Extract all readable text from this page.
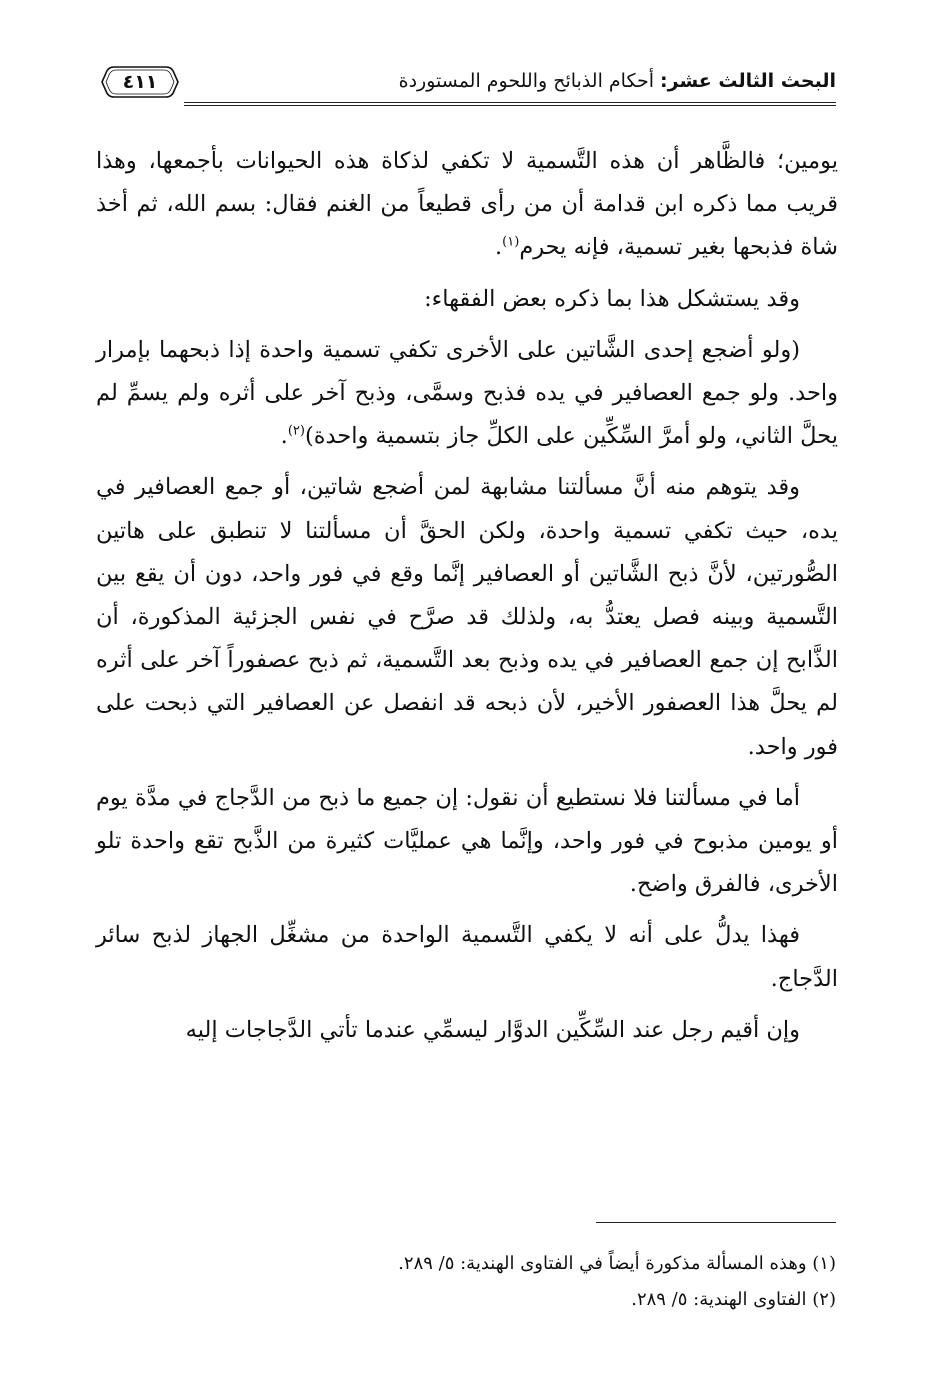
البحث الثالث عشر: أحكام الذبائح واللحوم المستوردة
٤١١

يومين؛ فالظَّاهر أن هذه التَّسمية لا تكفي لذكاة هذه الحيوانات بأجمعها، وهذا قريب مما ذكره ابن قدامة أن من رأى قطيعاً من الغنم فقال: بسم الله، ثم أخذ شاة فذبحها بغير تسمية، فإنه يحرم$^{(١)}$.

وقد يستشكل هذا بما ذكره بعض الفقهاء:

(ولو أضجع إحدى الشَّاتين على الأخرى تكفي تسمية واحدة إذا ذبحهما بإمرار واحد. ولو جمع العصافير في يده فذبح وسمَّى، وذبح آخر على أثره ولم يسمِّ لم يحلَّ الثاني، ولو أمرَّ السِّكِّين على الكلِّ جاز بتسمية واحدة)$^{(٢)}$.

وقد يتوهم منه أنَّ مسألتنا مشابهة لمن أضجع شاتين، أو جمع العصافير في يده، حيث تكفي تسمية واحدة، ولكن الحقَّ أن مسألتنا لا تنطبق على هاتين الصُّورتين، لأنَّ ذبح الشَّاتين أو العصافير إنَّما وقع في فور واحد، دون أن يقع بين التَّسمية وبينه فصل يعتدُّ به، ولذلك قد صرَّح في نفس الجزئية المذكورة، أن الذَّابح إن جمع العصافير في يده وذبح بعد التَّسمية، ثم ذبح عصفوراً آخر على أثره لم يحلَّ هذا العصفور الأخير، لأن ذبحه قد انفصل عن العصافير التي ذبحت على فور واحد.

أما في مسألتنا فلا نستطيع أن نقول: إن جميع ما ذبح من الدَّجاج في مدَّة يوم أو يومين مذبوح في فور واحد، وإنَّما هي عمليَّات كثيرة من الذَّبح تقع واحدة تلو الأخرى، فالفرق واضح.

فهذا يدلُّ على أنه لا يكفي التَّسمية الواحدة من مشغِّل الجهاز لذبح سائر الدَّجاج.

وإن أقيم رجل عند السِّكِّين الدوَّار ليسمِّي عندما تأتي الدَّجاجات إليه

(١) وهذه المسألة مذكورة أيضاً في الفتاوى الهندية: ٥/ ٢٨٩.

(٢) الفتاوى الهندية: ٥/ ٢٨٩.
